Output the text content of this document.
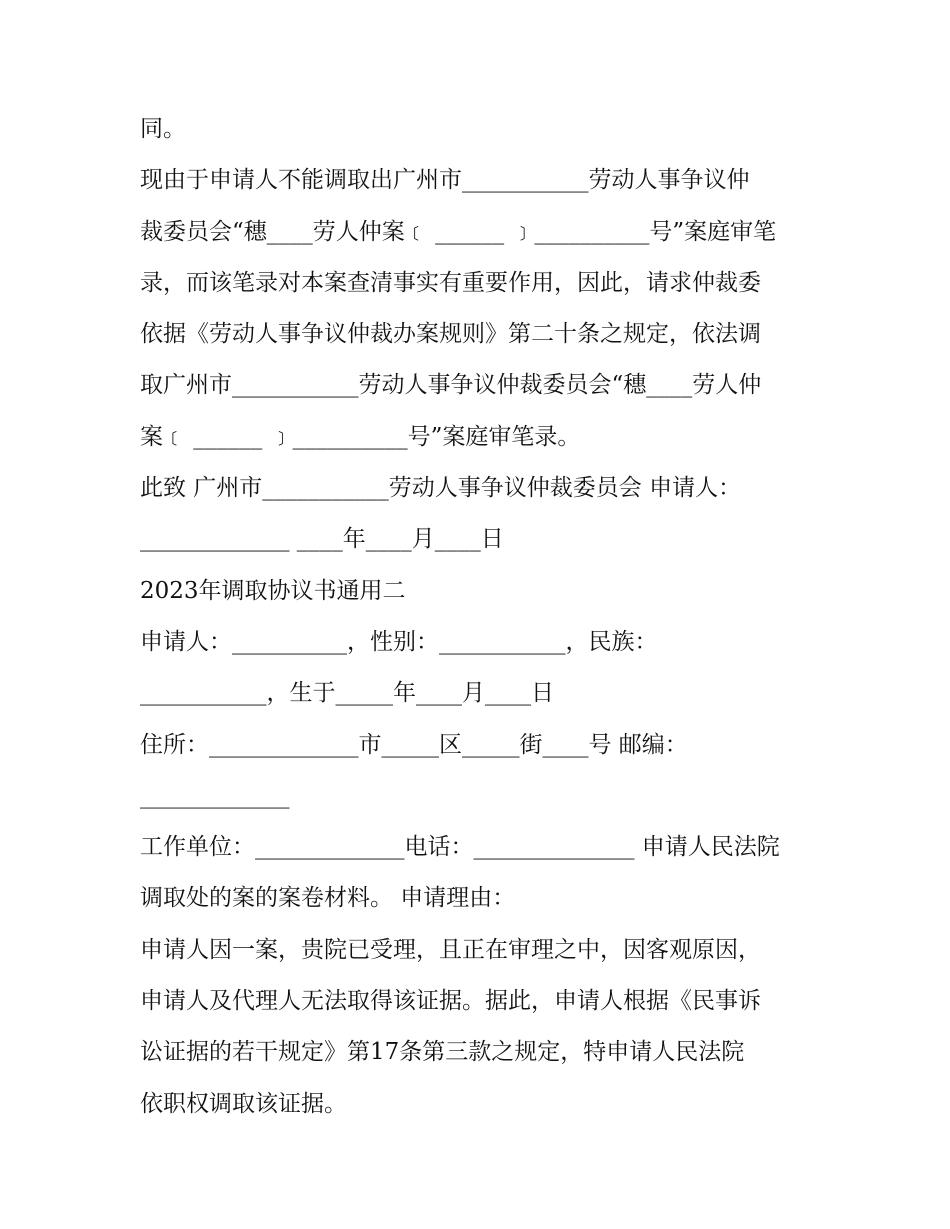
同。
现由于申请人不能调取出广州市___________劳动人事争议仲
裁委员会“穗____劳人仲案﹝ ______ ﹞__________号”案庭审笔
录，而该笔录对本案查清事实有重要作用，因此，请求仲裁委
依据《劳动人事争议仲裁办案规则》第二十条之规定，依法调
取广州市___________劳动人事争议仲裁委员会“穗____劳人仲
案﹝ ______ ﹞__________号”案庭审笔录。
此致 广州市___________劳动人事争议仲裁委员会 申请人：
_____________ ____年____月____日
2023年调取协议书通用二
申请人：__________，性别：___________，民族：
___________，生于_____年____月____日
住所：_____________市_____区_____街____号 邮编：
_____________
工作单位：_____________电话：______________ 申请人民法院
调取处的案的案卷材料。 申请理由：
申请人因一案，贵院已受理，且正在审理之中，因客观原因，
申请人及代理人无法取得该证据。据此，申请人根据《民事诉
讼证据的若干规定》第17条第三款之规定，特申请人民法院
依职权调取该证据。
